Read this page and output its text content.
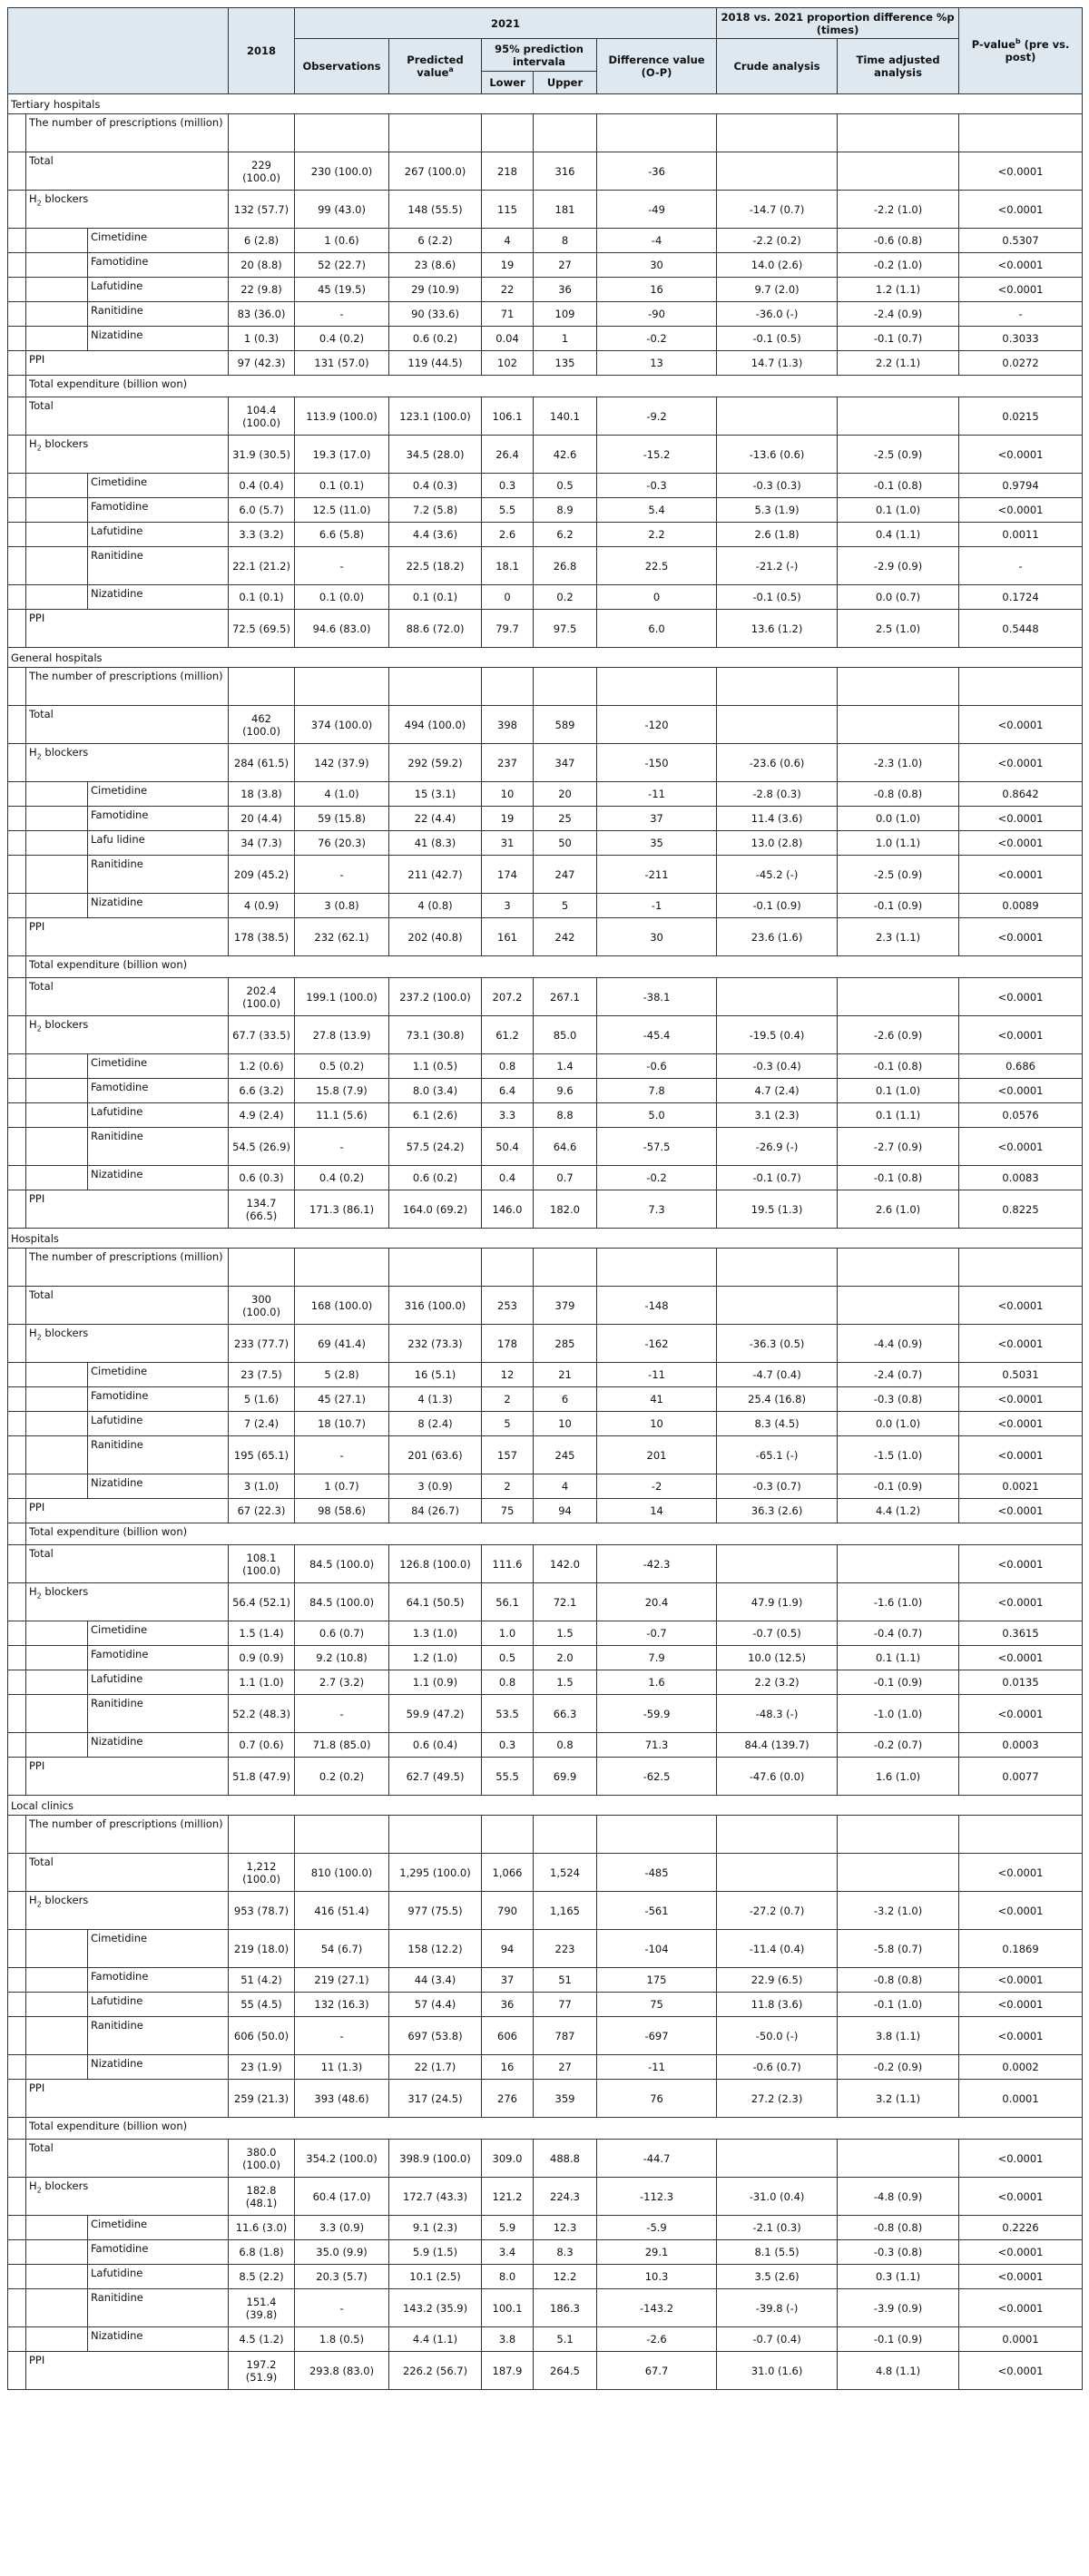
			2018	2021					2018 vs. 2021 proportion difference %p (times)		P-value$^b$ (pre vs. post)
				Observations	Predicted value$^a$	95% prediction intervala		Difference value (O-P)	Crude analysis	Time adjusted analysis	
						Lower	Upper				
Tertiary hospitals											
	The number of prescriptions (million)										
	Total		229 (100.0)	230 (100.0)	267 (100.0)	218	316	-36			<0.0001
	$H_2$ blockers		132 (57.7)	99 (43.0)	148 (55.5)	115	181	-49	-14.7 (0.7)	-2.2 (1.0)	<0.0001
		Cimetidine	6 (2.8)	1 (0.6)	6 (2.2)	4	8	-4	-2.2 (0.2)	-0.6 (0.8)	0.5307
		Famotidine	20 (8.8)	52 (22.7)	23 (8.6)	19	27	30	14.0 (2.6)	-0.2 (1.0)	<0.0001
		Lafutidine	22 (9.8)	45 (19.5)	29 (10.9)	22	36	16	9.7 (2.0)	1.2 (1.1)	<0.0001
		Ranitidine	83 (36.0)	-	90 (33.6)	71	109	-90	-36.0 (-)	-2.4 (0.9)	-
		Nizatidine	1 (0.3)	0.4 (0.2)	0.6 (0.2)	0.04	1	-0.2	-0.1 (0.5)	-0.1 (0.7)	0.3033
	PPI		97 (42.3)	131 (57.0)	119 (44.5)	102	135	13	14.7 (1.3)	2.2 (1.1)	0.0272
	Total expenditure (billion won)										
	Total		104.4 (100.0)	113.9 (100.0)	123.1 (100.0)	106.1	140.1	-9.2			0.0215
	$H_2$ blockers		31.9 (30.5)	19.3 (17.0)	34.5 (28.0)	26.4	42.6	-15.2	-13.6 (0.6)	-2.5 (0.9)	<0.0001
		Cimetidine	0.4 (0.4)	0.1 (0.1)	0.4 (0.3)	0.3	0.5	-0.3	-0.3 (0.3)	-0.1 (0.8)	0.9794
		Famotidine	6.0 (5.7)	12.5 (11.0)	7.2 (5.8)	5.5	8.9	5.4	5.3 (1.9)	0.1 (1.0)	<0.0001
		Lafutidine	3.3 (3.2)	6.6 (5.8)	4.4 (3.6)	2.6	6.2	2.2	2.6 (1.8)	0.4 (1.1)	0.0011
		Ranitidine	22.1 (21.2)	-	22.5 (18.2)	18.1	26.8	22.5	-21.2 (-)	-2.9 (0.9)	-
		Nizatidine	0.1 (0.1)	0.1 (0.0)	0.1 (0.1)	0	0.2	0	-0.1 (0.5)	0.0 (0.7)	0.1724
	PPI		72.5 (69.5)	94.6 (83.0)	88.6 (72.0)	79.7	97.5	6.0	13.6 (1.2)	2.5 (1.0)	0.5448
General hospitals											
	The number of prescriptions (million)										
	Total		462 (100.0)	374 (100.0)	494 (100.0)	398	589	-120			<0.0001
	$H_2$ blockers		284 (61.5)	142 (37.9)	292 (59.2)	237	347	-150	-23.6 (0.6)	-2.3 (1.0)	<0.0001
		Cimetidine	18 (3.8)	4 (1.0)	15 (3.1)	10	20	-11	-2.8 (0.3)	-0.8 (0.8)	0.8642
		Famotidine	20 (4.4)	59 (15.8)	22 (4.4)	19	25	37	11.4 (3.6)	0.0 (1.0)	<0.0001
		Lafu lidine	34 (7.3)	76 (20.3)	41 (8.3)	31	50	35	13.0 (2.8)	1.0 (1.1)	<0.0001
		Ranitidine	209 (45.2)	-	211 (42.7)	174	247	-211	-45.2 (-)	-2.5 (0.9)	<0.0001
		Nizatidine	4 (0.9)	3 (0.8)	4 (0.8)	3	5	-1	-0.1 (0.9)	-0.1 (0.9)	0.0089
	PPI		178 (38.5)	232 (62.1)	202 (40.8)	161	242	30	23.6 (1.6)	2.3 (1.1)	<0.0001
	Total expenditure (billion won)										
	Total		202.4 (100.0)	199.1 (100.0)	237.2 (100.0)	207.2	267.1	-38.1			<0.0001
	$H_2$ blockers		67.7 (33.5)	27.8 (13.9)	73.1 (30.8)	61.2	85.0	-45.4	-19.5 (0.4)	-2.6 (0.9)	<0.0001
		Cimetidine	1.2 (0.6)	0.5 (0.2)	1.1 (0.5)	0.8	1.4	-0.6	-0.3 (0.4)	-0.1 (0.8)	0.686
		Famotidine	6.6 (3.2)	15.8 (7.9)	8.0 (3.4)	6.4	9.6	7.8	4.7 (2.4)	0.1 (1.0)	<0.0001
		Lafutidine	4.9 (2.4)	11.1 (5.6)	6.1 (2.6)	3.3	8.8	5.0	3.1 (2.3)	0.1 (1.1)	0.0576
		Ranitidine	54.5 (26.9)	-	57.5 (24.2)	50.4	64.6	-57.5	-26.9 (-)	-2.7 (0.9)	<0.0001
		Nizatidine	0.6 (0.3)	0.4 (0.2)	0.6 (0.2)	0.4	0.7	-0.2	-0.1 (0.7)	-0.1 (0.8)	0.0083
	PPI		134.7 (66.5)	171.3 (86.1)	164.0 (69.2)	146.0	182.0	7.3	19.5 (1.3)	2.6 (1.0)	0.8225
Hospitals											
	The number of prescriptions (million)										
	Total		300 (100.0)	168 (100.0)	316 (100.0)	253	379	-148			<0.0001
	$H_2$ blockers		233 (77.7)	69 (41.4)	232 (73.3)	178	285	-162	-36.3 (0.5)	-4.4 (0.9)	<0.0001
		Cimetidine	23 (7.5)	5 (2.8)	16 (5.1)	12	21	-11	-4.7 (0.4)	-2.4 (0.7)	0.5031
		Famotidine	5 (1.6)	45 (27.1)	4 (1.3)	2	6	41	25.4 (16.8)	-0.3 (0.8)	<0.0001
		Lafutidine	7 (2.4)	18 (10.7)	8 (2.4)	5	10	10	8.3 (4.5)	0.0 (1.0)	<0.0001
		Ranitidine	195 (65.1)	-	201 (63.6)	157	245	201	-65.1 (-)	-1.5 (1.0)	<0.0001
		Nizatidine	3 (1.0)	1 (0.7)	3 (0.9)	2	4	-2	-0.3 (0.7)	-0.1 (0.9)	0.0021
	PPI		67 (22.3)	98 (58.6)	84 (26.7)	75	94	14	36.3 (2.6)	4.4 (1.2)	<0.0001
	Total expenditure (billion won)										
	Total		108.1 (100.0)	84.5 (100.0)	126.8 (100.0)	111.6	142.0	-42.3			<0.0001
	$H_2$ blockers		56.4 (52.1)	84.5 (100.0)	64.1 (50.5)	56.1	72.1	20.4	47.9 (1.9)	-1.6 (1.0)	<0.0001
		Cimetidine	1.5 (1.4)	0.6 (0.7)	1.3 (1.0)	1.0	1.5	-0.7	-0.7 (0.5)	-0.4 (0.7)	0.3615
		Famotidine	0.9 (0.9)	9.2 (10.8)	1.2 (1.0)	0.5	2.0	7.9	10.0 (12.5)	0.1 (1.1)	<0.0001
		Lafutidine	1.1 (1.0)	2.7 (3.2)	1.1 (0.9)	0.8	1.5	1.6	2.2 (3.2)	-0.1 (0.9)	0.0135
		Ranitidine	52.2 (48.3)	-	59.9 (47.2)	53.5	66.3	-59.9	-48.3 (-)	-1.0 (1.0)	<0.0001
		Nizatidine	0.7 (0.6)	71.8 (85.0)	0.6 (0.4)	0.3	0.8	71.3	84.4 (139.7)	-0.2 (0.7)	0.0003
	PPI		51.8 (47.9)	0.2 (0.2)	62.7 (49.5)	55.5	69.9	-62.5	-47.6 (0.0)	1.6 (1.0)	0.0077
Local clinics											
	The number of prescriptions (million)										
	Total		1,212 (100.0)	810 (100.0)	1,295 (100.0)	1,066	1,524	-485			<0.0001
	$H_2$ blockers		953 (78.7)	416 (51.4)	977 (75.5)	790	1,165	-561	-27.2 (0.7)	-3.2 (1.0)	<0.0001
		Cimetidine	219 (18.0)	54 (6.7)	158 (12.2)	94	223	-104	-11.4 (0.4)	-5.8 (0.7)	0.1869
		Famotidine	51 (4.2)	219 (27.1)	44 (3.4)	37	51	175	22.9 (6.5)	-0.8 (0.8)	<0.0001
		Lafutidine	55 (4.5)	132 (16.3)	57 (4.4)	36	77	75	11.8 (3.6)	-0.1 (1.0)	<0.0001
		Ranitidine	606 (50.0)	-	697 (53.8)	606	787	-697	-50.0 (-)	3.8 (1.1)	<0.0001
		Nizatidine	23 (1.9)	11 (1.3)	22 (1.7)	16	27	-11	-0.6 (0.7)	-0.2 (0.9)	0.0002
	PPI		259 (21.3)	393 (48.6)	317 (24.5)	276	359	76	27.2 (2.3)	3.2 (1.1)	0.0001
	Total expenditure (billion won)										
	Total		380.0 (100.0)	354.2 (100.0)	398.9 (100.0)	309.0	488.8	-44.7			<0.0001
	$H_2$ blockers		182.8 (48.1)	60.4 (17.0)	172.7 (43.3)	121.2	224.3	-112.3	-31.0 (0.4)	-4.8 (0.9)	<0.0001
		Cimetidine	11.6 (3.0)	3.3 (0.9)	9.1 (2.3)	5.9	12.3	-5.9	-2.1 (0.3)	-0.8 (0.8)	0.2226
		Famotidine	6.8 (1.8)	35.0 (9.9)	5.9 (1.5)	3.4	8.3	29.1	8.1 (5.5)	-0.3 (0.8)	<0.0001
		Lafutidine	8.5 (2.2)	20.3 (5.7)	10.1 (2.5)	8.0	12.2	10.3	3.5 (2.6)	0.3 (1.1)	<0.0001
		Ranitidine	151.4 (39.8)	-	143.2 (35.9)	100.1	186.3	-143.2	-39.8 (-)	-3.9 (0.9)	<0.0001
		Nizatidine	4.5 (1.2)	1.8 (0.5)	4.4 (1.1)	3.8	5.1	-2.6	-0.7 (0.4)	-0.1 (0.9)	0.0001
	PPI		197.2 (51.9)	293.8 (83.0)	226.2 (56.7)	187.9	264.5	67.7	31.0 (1.6)	4.8 (1.1)	<0.0001
